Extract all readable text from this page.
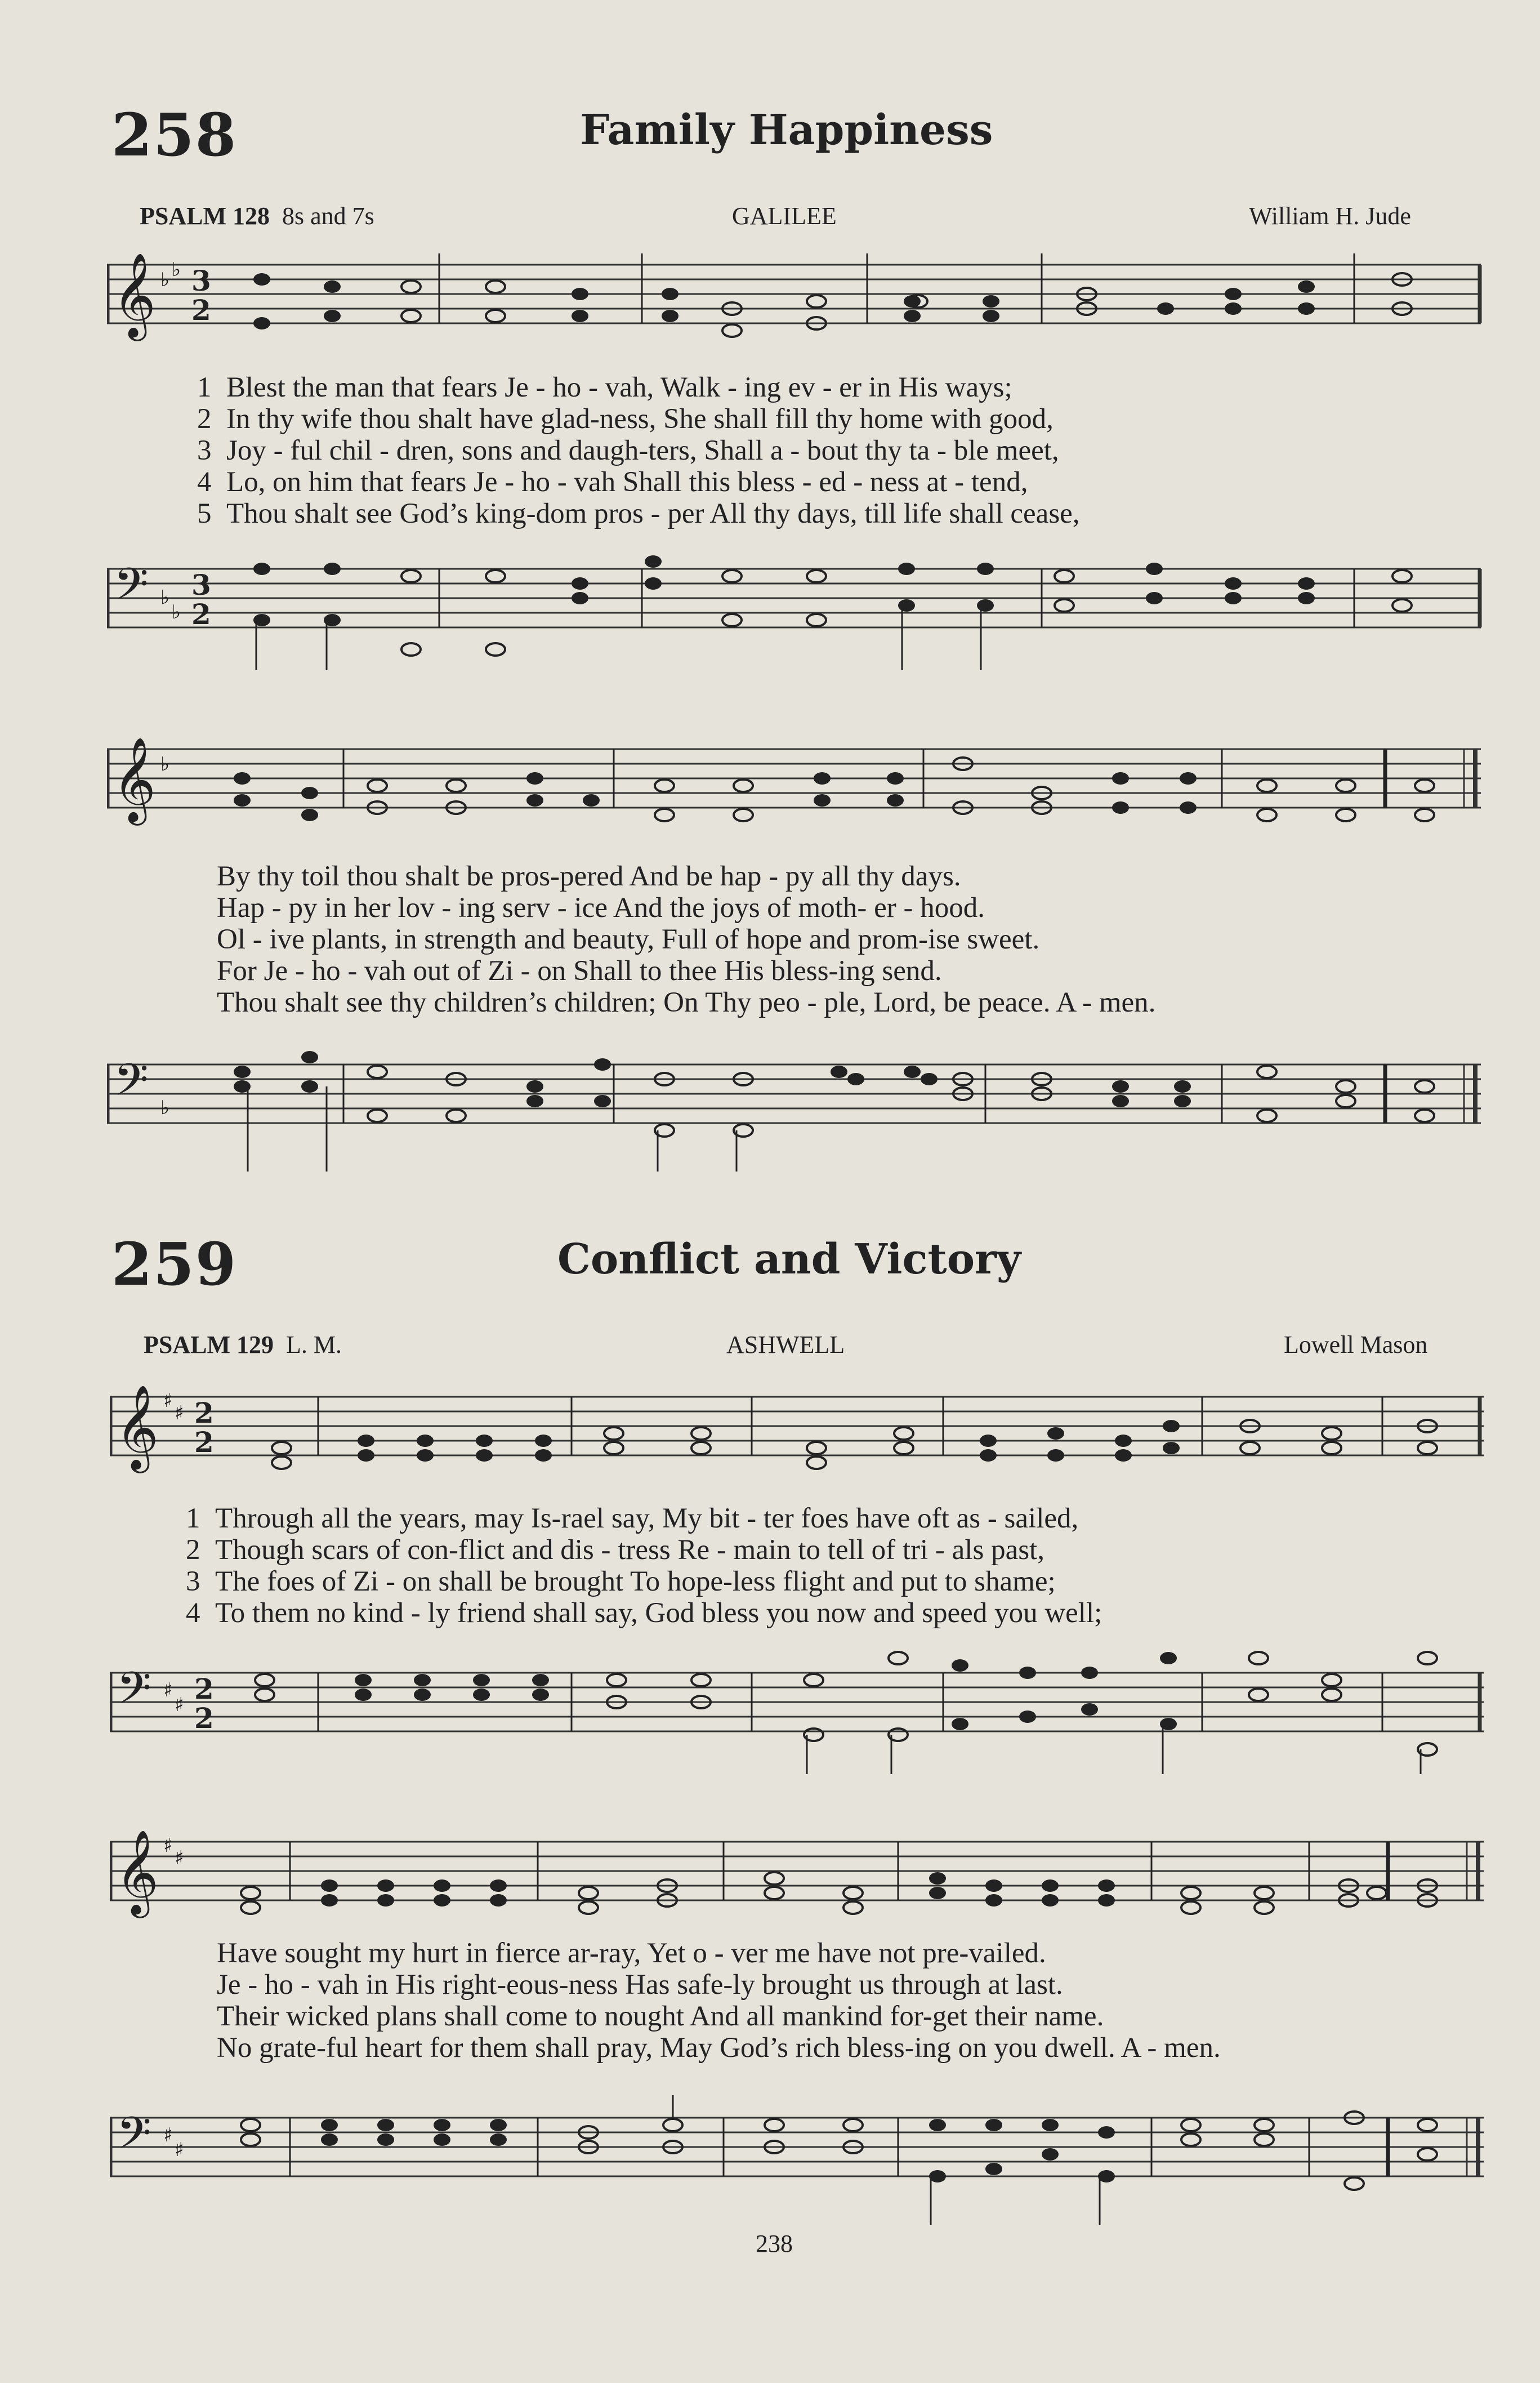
258	Family Happiness
PSALM 128 8s and 7s	GALILEE	William H. Jude
𝄞 ♭ ♭ 3
2
1 Blest the man that fears Je - ho - vah, Walk - ing ev - er in His ways;
2 In thy wife thou shalt have glad-ness, She shall fill thy home with good,
3 Joy - ful chil - dren, sons and daugh-ters, Shall a - bout thy ta - ble meet,
4 Lo, on him that fears Je - ho - vah Shall this bless - ed - ness at - tend,
5 Thou shalt see God’s king-dom pros - per All thy days, till life shall cease,
𝄢 ♭
♭
3
2
𝄞 ♭
By thy toil thou shalt be pros-pered And be hap - py all thy days.
Hap - py in her lov - ing serv - ice And the joys of moth- er - hood.
Ol - ive plants, in strength and beauty, Full of hope and prom-ise sweet.
For Je - ho - vah out of Zi - on Shall to thee His bless-ing send.
Thou shalt see thy children’s children; On Thy peo - ple, Lord, be peace. A - men.
𝄢 ♭
259	Conflict and Victory
PSALM 129 L. M.	ASHWELL	Lowell Mason
𝄞 ♯
♯ 2
2
1 Through all the years, may Is-rael say, My bit - ter foes have oft as - sailed,
2 Though scars of con-flict and dis - tress Re - main to tell of tri - als past,
3 The foes of Zi - on shall be brought To hope-less flight and put to shame;
4 To them no kind - ly friend shall say, God bless you now and speed you well;
𝄢 ♯
♯ 2
2
𝄞 ♯
♯
Have sought my hurt in fierce ar-ray, Yet o - ver me have not pre-vailed.
Je - ho - vah in His right-eous-ness Has safe-ly brought us through at last.
Their wicked plans shall come to nought And all mankind for-get their name.
No grate-ful heart for them shall pray, May God’s rich bless-ing on you dwell. A - men.
𝄢 ♯
♯
238
